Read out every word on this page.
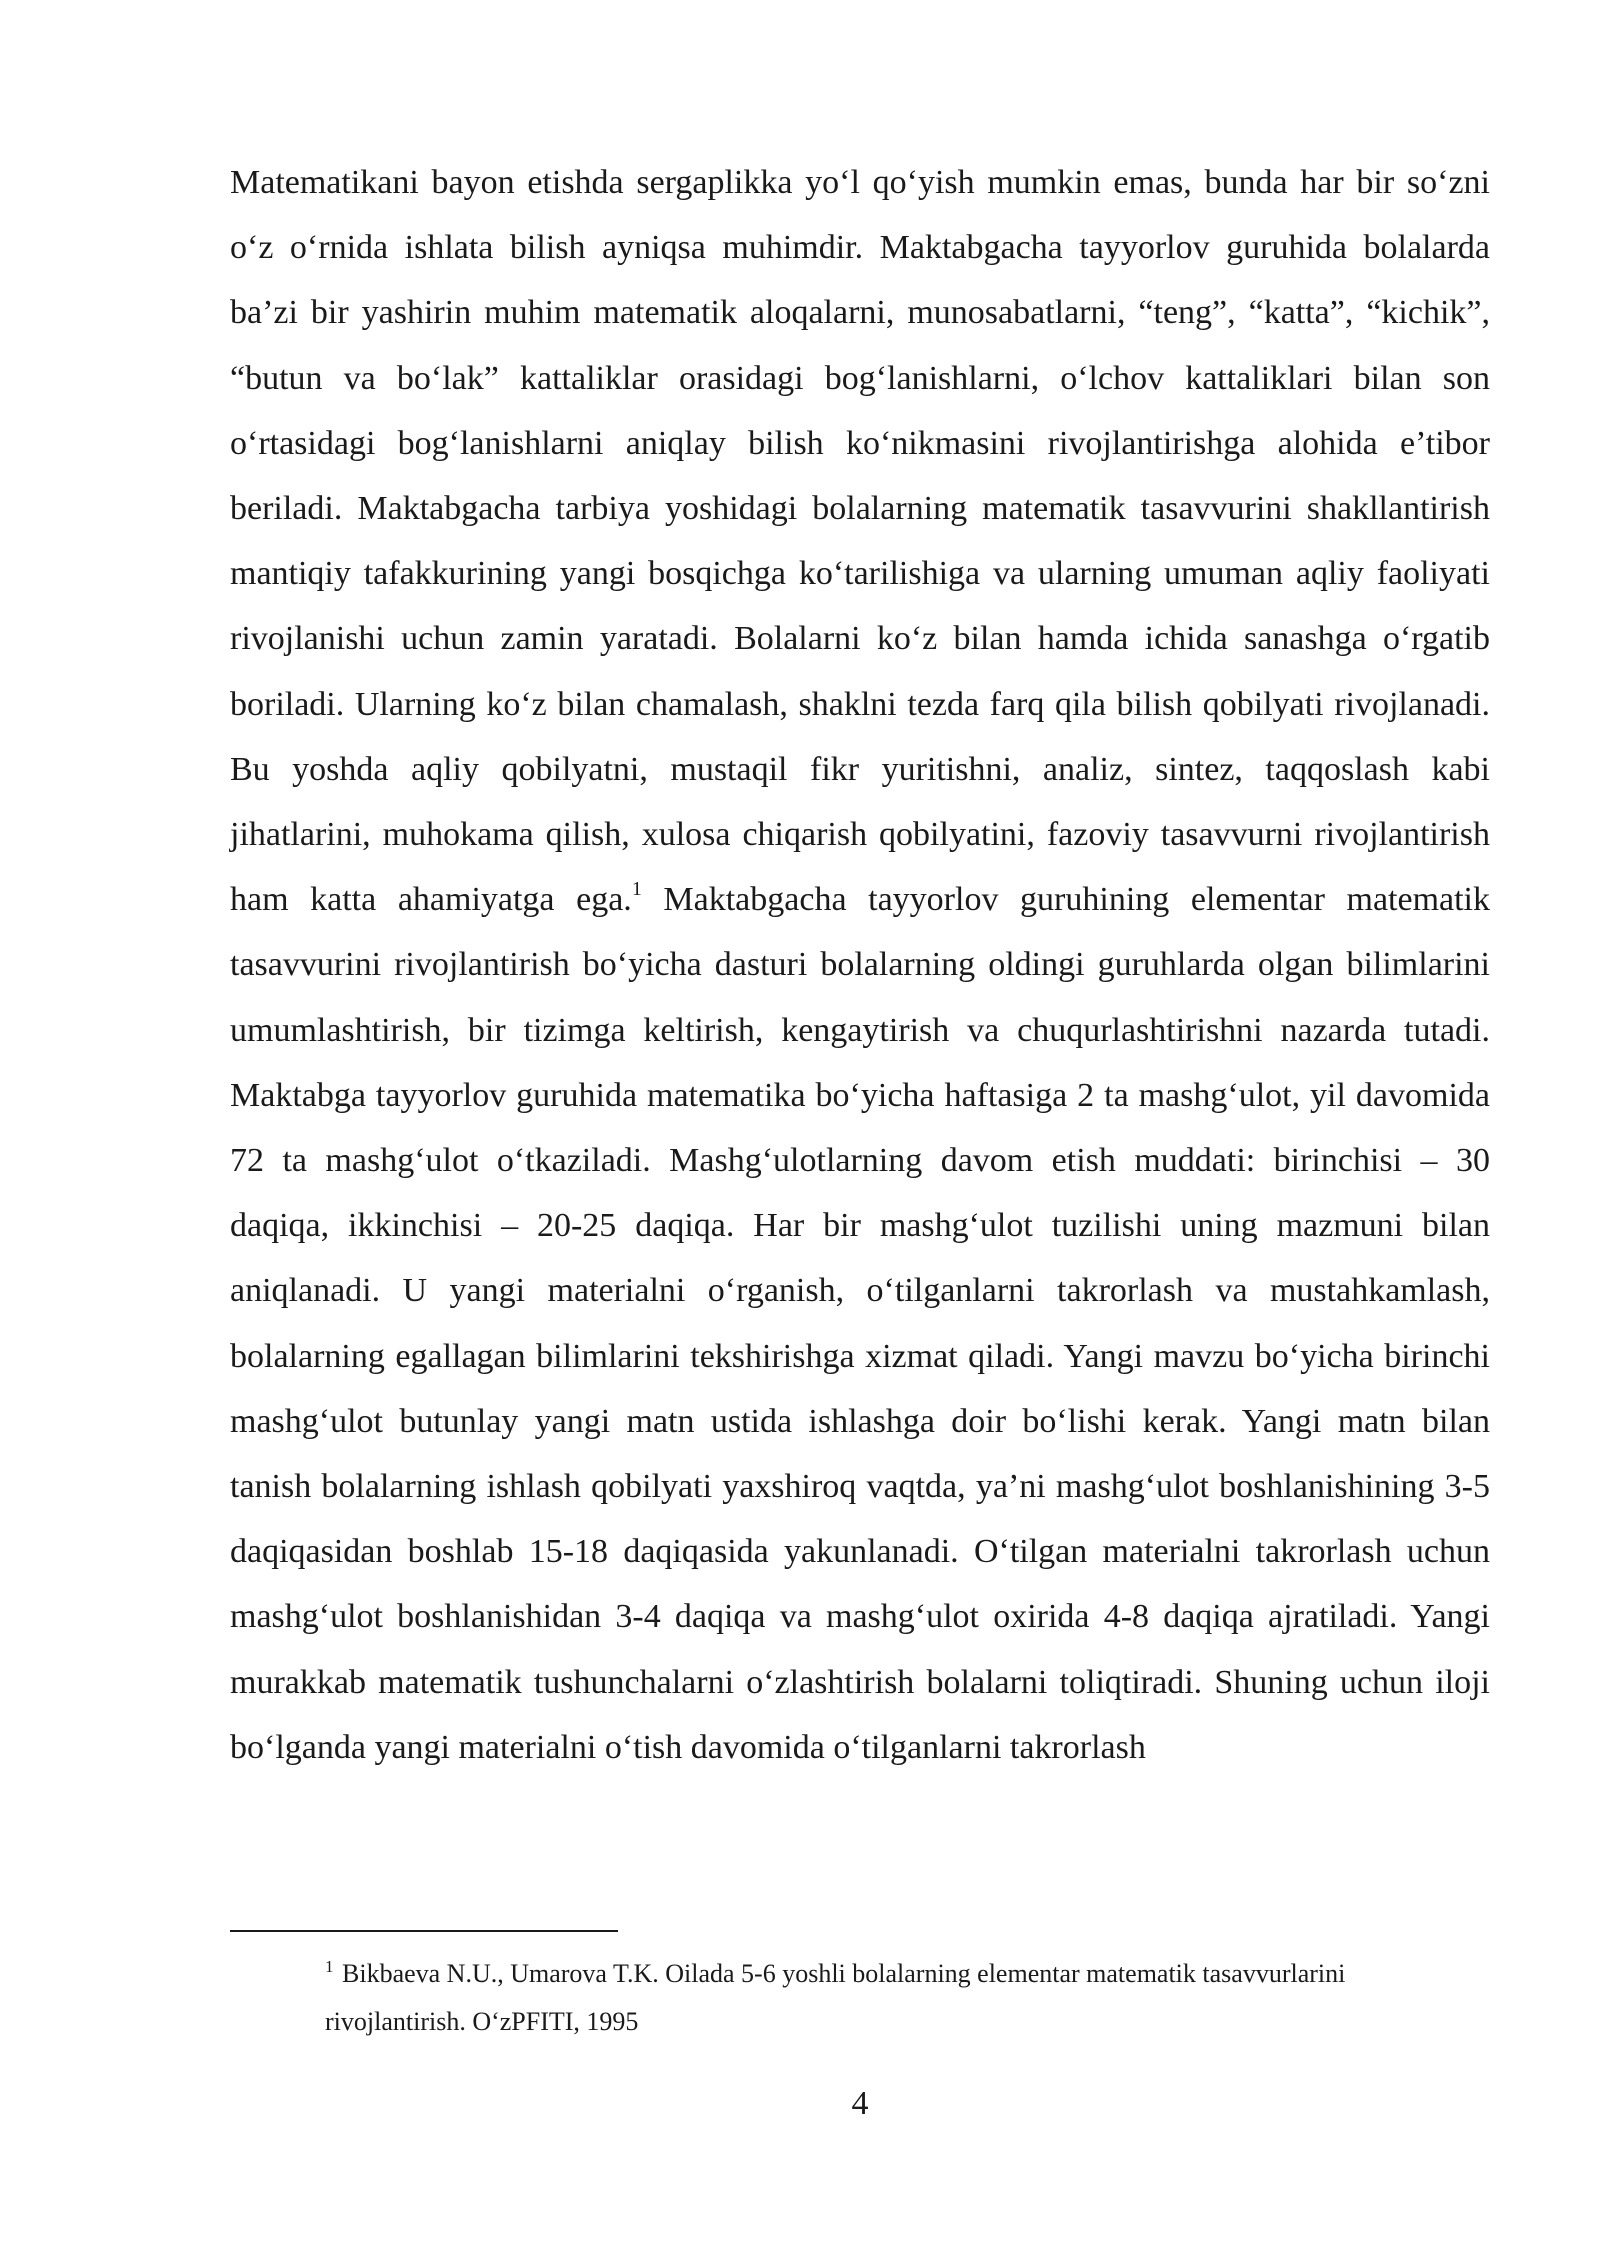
Matematikani bayon etishda sergaplikka yo‘l qo‘yish mumkin emas, bunda har bir so‘zni o‘z o‘rnida ishlata bilish ayniqsa muhimdir. Maktabgacha tayyorlov guruhida bolalarda ba’zi bir yashirin muhim matematik aloqalarni, munosabatlarni, “teng”, “katta”, “kichik”, “butun va bo‘lak” kattaliklar orasidagi bog‘lanishlarni, o‘lchov kattaliklari bilan son o‘rtasidagi bog‘lanishlarni aniqlay bilish ko‘nikmasini rivojlantirishga alohida e’tibor beriladi. Maktabgacha tarbiya yoshidagi bolalarning matematik tasavvurini shakllantirish mantiqiy tafakkurining yangi bosqichga ko‘tarilishiga va ularning umuman aqliy faoliyati rivojlanishi uchun zamin yaratadi. Bolalarni ko‘z bilan hamda ichida sanashga o‘rgatib boriladi. Ularning ko‘z bilan chamalash, shaklni tezda farq qila bilish qobilyati rivojlanadi. Bu yoshda aqliy qobilyatni, mustaqil fikr yuritishni, analiz, sintez, taqqoslash kabi jihatlarini, muhokama qilish, xulosa chiqarish qobilyatini, fazoviy tasavvurni rivojlantirish ham katta ahamiyatga ega.$^1$ Maktabgacha tayyorlov guruhining elementar matematik tasavvurini rivojlantirish bo‘yicha dasturi bolalarning oldingi guruhlarda olgan bilimlarini umumlashtirish, bir tizimga keltirish, kengaytirish va chuqurlashtirishni nazarda tutadi. Maktabga tayyorlov guruhida matematika bo‘yicha haftasiga 2 ta mashg‘ulot, yil davomida 72 ta mashg‘ulot o‘tkaziladi. Mashg‘ulotlarning davom etish muddati: birinchisi – 30 daqiqa, ikkinchisi – 20-25 daqiqa. Har bir mashg‘ulot tuzilishi uning mazmuni bilan aniqlanadi. U yangi materialni o‘rganish, o‘tilganlarni takrorlash va mustahkamlash, bolalarning egallagan bilimlarini tekshirishga xizmat qiladi. Yangi mavzu bo‘yicha birinchi mashg‘ulot butunlay yangi matn ustida ishlashga doir bo‘lishi kerak. Yangi matn bilan tanish bolalarning ishlash qobilyati yaxshiroq vaqtda, ya’ni mashg‘ulot boshlanishining 3-5 daqiqasidan boshlab 15-18 daqiqasida yakunlanadi. O‘tilgan materialni takrorlash uchun mashg‘ulot boshlanishidan 3-4 daqiqa va mashg‘ulot oxirida 4-8 daqiqa ajratiladi. Yangi murakkab matematik tushunchalarni o‘zlashtirish bolalarni toliqtiradi. Shuning uchun iloji bo‘lganda yangi materialni o‘tish davomida o‘tilganlarni takrorlash

$^1$ Bikbaeva N.U., Umarova T.K. Oilada 5-6 yoshli bolalarning elementar matematik tasavvurlarini rivojlantirish. O‘zPFITI, 1995

4
